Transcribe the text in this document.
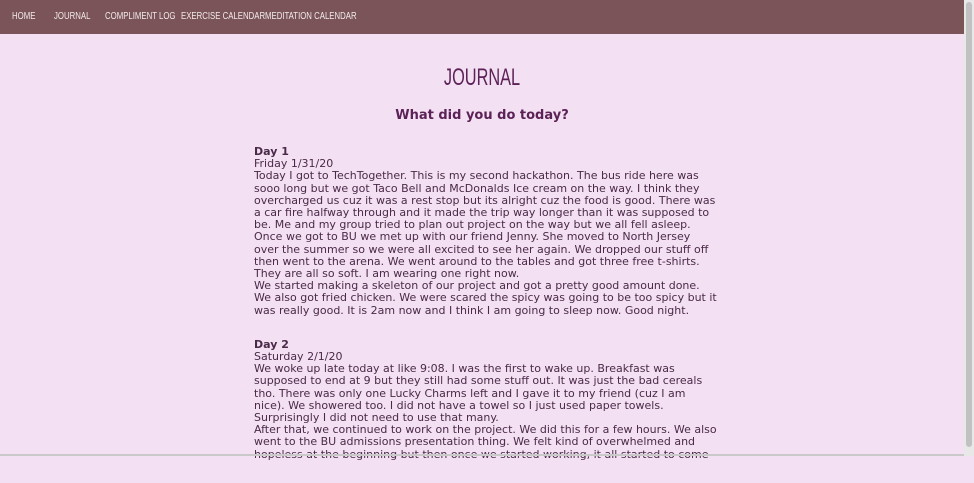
HOME JOURNAL COMPLIMENT LOG EXERCISE CALENDAR MEDITATION CALENDAR
JOURNAL
What did you do today?
Day 1
Friday 1/31/20
Today I got to TechTogether. This is my second hackathon. The bus ride here was sooo long but we got Taco Bell and McDonalds Ice cream on the way. I think they overcharged us cuz it was a rest stop but its alright cuz the food is good. There was a car fire halfway through and it made the trip way longer than it was supposed to be. Me and my group tried to plan out project on the way but we all fell asleep.
Once we got to BU we met up with our friend Jenny. She moved to North Jersey over the summer so we were all excited to see her again. We dropped our stuff off then went to the arena. We went around to the tables and got three free t-shirts. They are all so soft. I am wearing one right now.
We started making a skeleton of our project and got a pretty good amount done. We also got fried chicken. We were scared the spicy was going to be too spicy but it was really good. It is 2am now and I think I am going to sleep now. Good night.
Day 2
Saturday 2/1/20
We woke up late today at like 9:08. I was the first to wake up. Breakfast was supposed to end at 9 but they still had some stuff out. It was just the bad cereals tho. There was only one Lucky Charms left and I gave it to my friend (cuz I am nice). We showered too. I did not have a towel so I just used paper towels. Surprisingly I did not need to use that many.
After that, we continued to work on the project. We did this for a few hours. We also went to the BU admissions presentation thing. We felt kind of overwhelmed and
